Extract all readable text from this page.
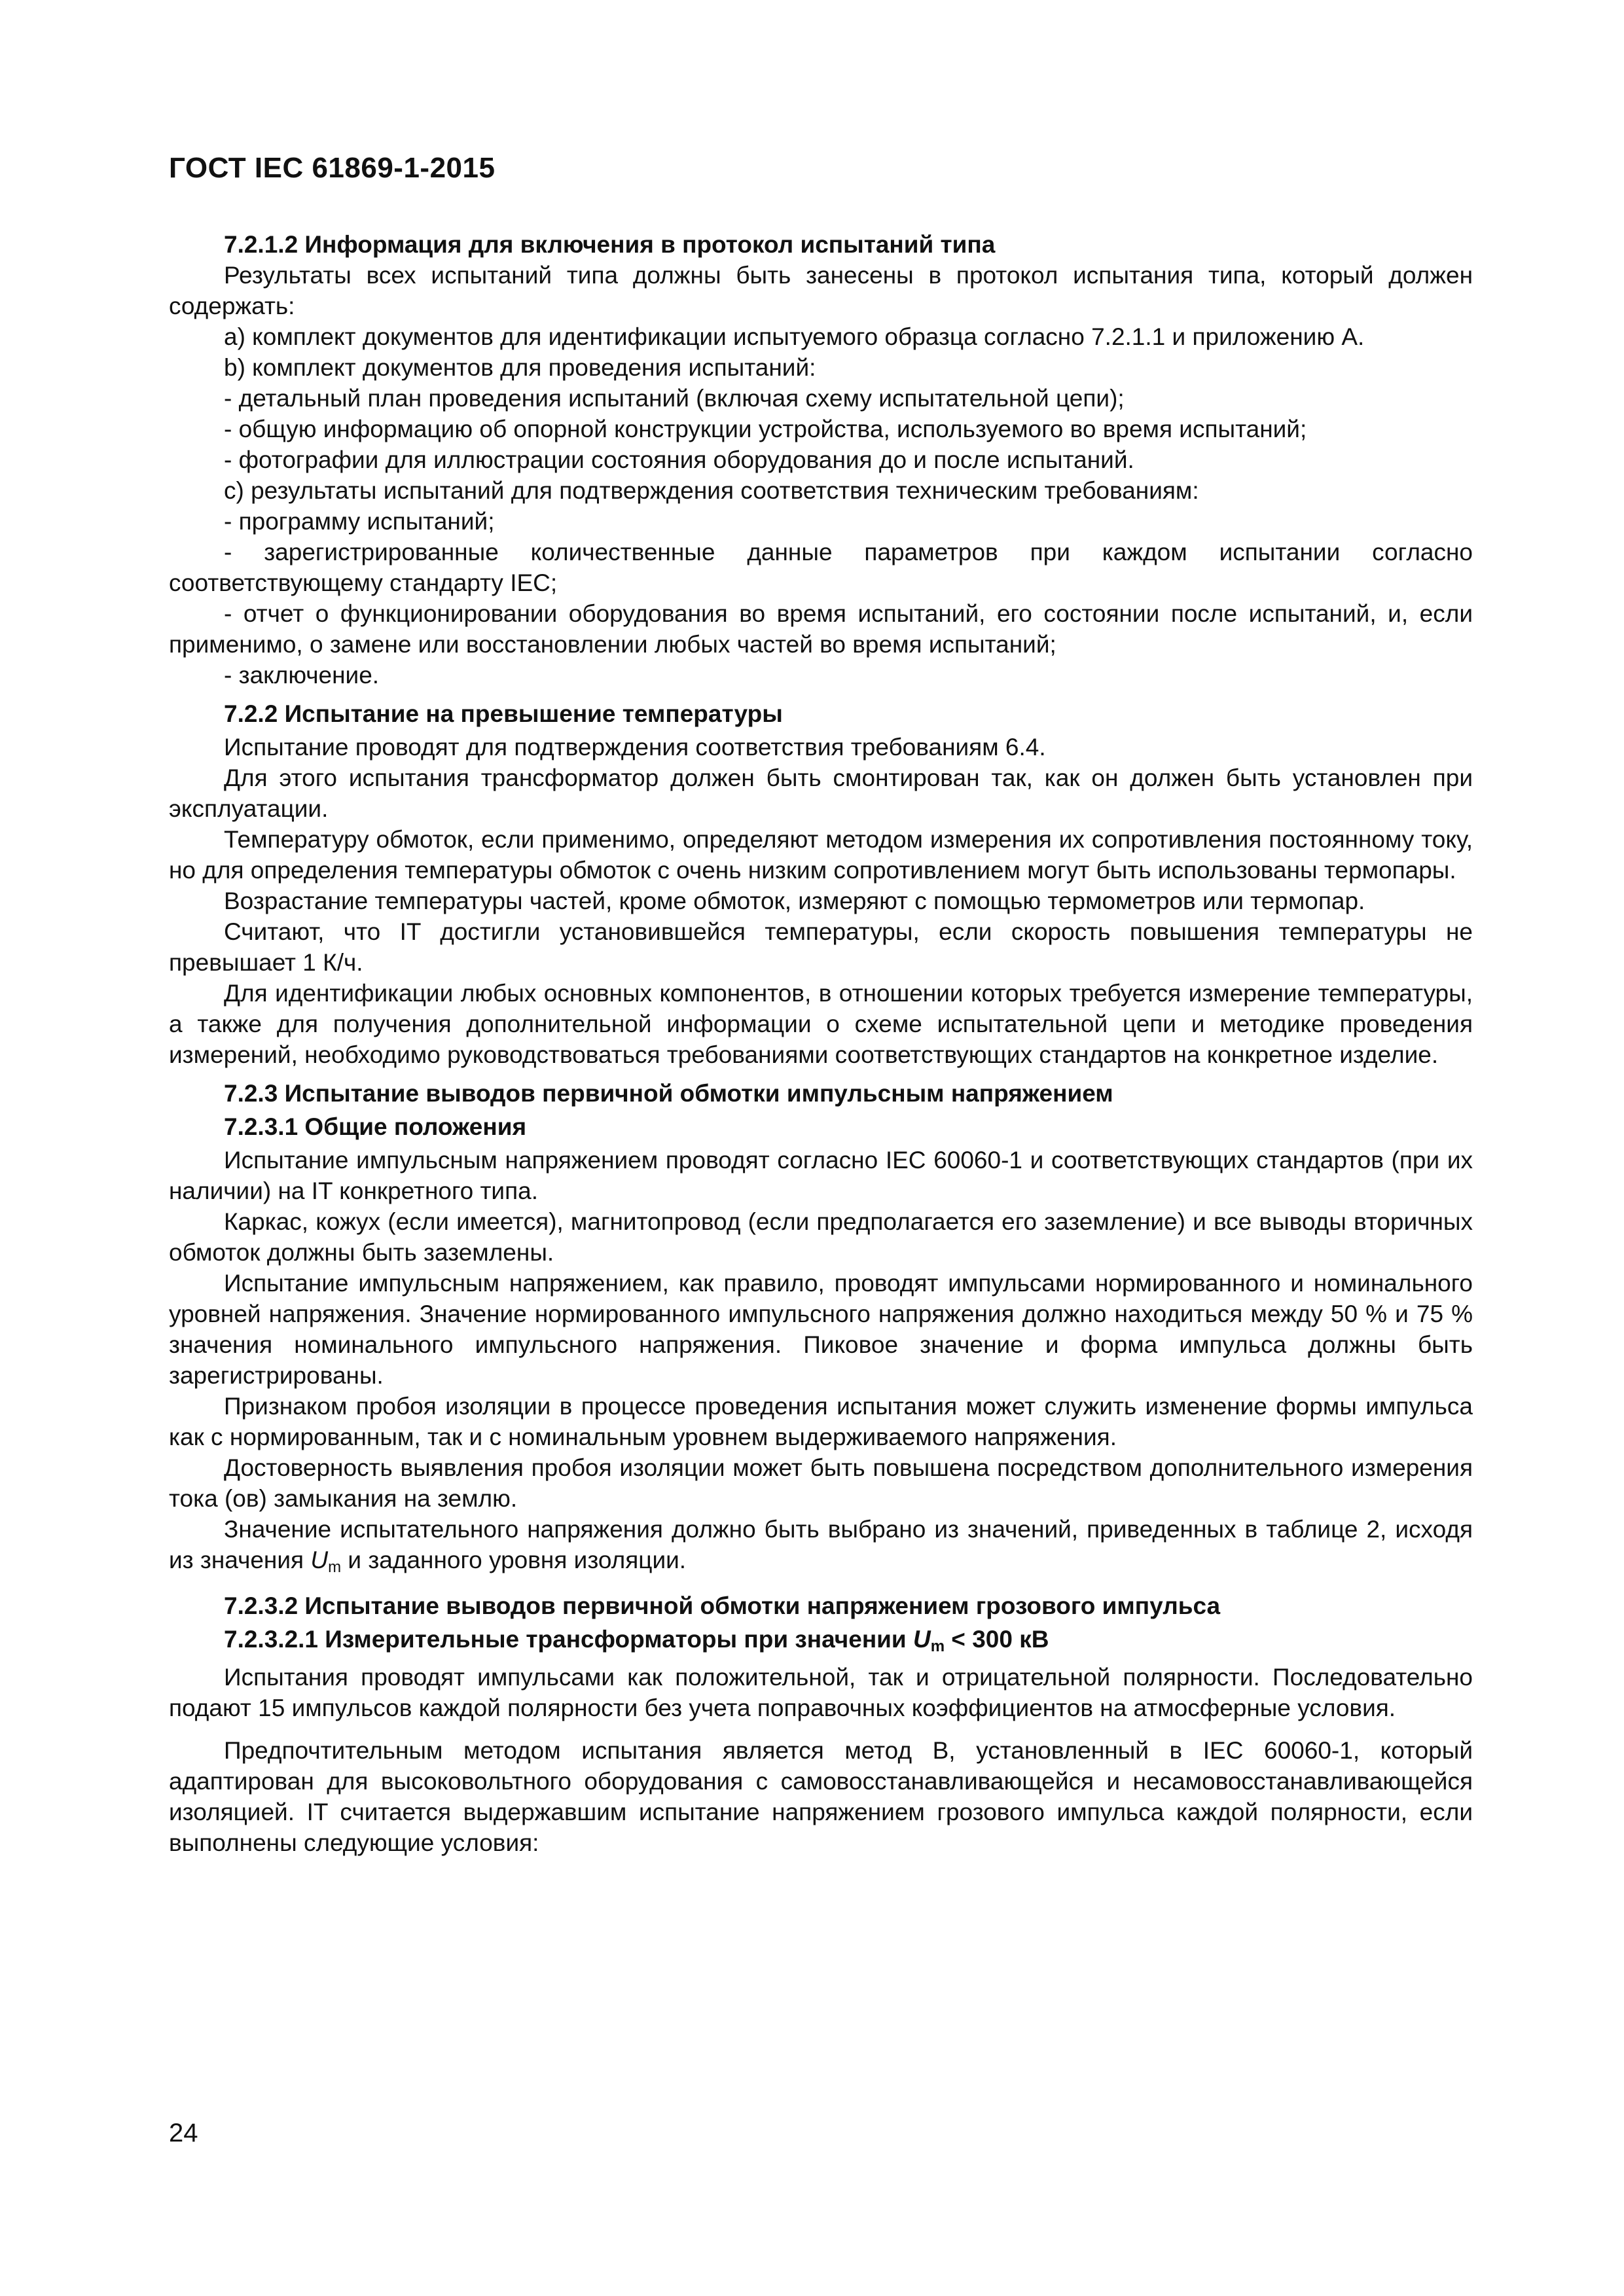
ГОСТ IEC 61869-1-2015
7.2.1.2 Информация для включения в протокол испытаний типа

Результаты всех испытаний типа должны быть занесены в протокол испытания типа, который должен содержать:

a) комплект документов для идентификации испытуемого образца согласно 7.2.1.1 и приложению А.

b) комплект документов для проведения испытаний:

- детальный план проведения испытаний (включая схему испытательной цепи);

- общую информацию об опорной конструкции устройства, используемого во время испытаний;

- фотографии для иллюстрации состояния оборудования до и после испытаний.

c) результаты испытаний для подтверждения соответствия техническим требованиям:

- программу испытаний;

- зарегистрированные количественные данные параметров при каждом испытании согласно соответствующему стандарту IEC;

- отчет о функционировании оборудования во время испытаний, его состоянии после испытаний, и, если применимо, о замене или восстановлении любых частей во время испытаний;

- заключение.

7.2.2 Испытание на превышение температуры

Испытание проводят для подтверждения соответствия требованиям 6.4.

Для этого испытания трансформатор должен быть смонтирован так, как он должен быть установлен при эксплуатации.

Температуру обмоток, если применимо, определяют методом измерения их сопротивления постоянному току, но для определения температуры обмоток с очень низким сопротивлением могут быть использованы термопары.

Возрастание температуры частей, кроме обмоток, измеряют с помощью термометров или термопар.

Считают, что IT достигли установившейся температуры, если скорость повышения температуры не превышает 1 К/ч.

Для идентификации любых основных компонентов, в отношении которых требуется измерение температуры, а также для получения дополнительной информации о схеме испытательной цепи и методике проведения измерений, необходимо руководствоваться требованиями соответствующих стандартов на конкретное изделие.

7.2.3 Испытание выводов первичной обмотки импульсным напряжением
7.2.3.1 Общие положения

Испытание импульсным напряжением проводят согласно IEC 60060-1 и соответствующих стандартов (при их наличии) на IT конкретного типа.

Каркас, кожух (если имеется), магнитопровод (если предполагается его заземление) и все выводы вторичных обмоток должны быть заземлены.

Испытание импульсным напряжением, как правило, проводят импульсами нормированного и номинального уровней напряжения. Значение нормированного импульсного напряжения должно находиться между 50 % и 75 % значения номинального импульсного напряжения. Пиковое значение и форма импульса должны быть зарегистрированы.

Признаком пробоя изоляции в процессе проведения испытания может служить изменение формы импульса как с нормированным, так и с номинальным уровнем выдерживаемого напряжения.

Достоверность выявления пробоя изоляции может быть повышена посредством дополнительного измерения тока (ов) замыкания на землю.

Значение испытательного напряжения должно быть выбрано из значений, приведенных в таблице 2, исходя из значения $U_m$ и заданного уровня изоляции.

7.2.3.2 Испытание выводов первичной обмотки напряжением грозового импульса
7.2.3.2.1 Измерительные трансформаторы при значении $U_m < 300$ кВ

Испытания проводят импульсами как положительной, так и отрицательной полярности. Последовательно подают 15 импульсов каждой полярности без учета поправочных коэффициентов на атмосферные условия.

Предпочтительным методом испытания является метод В, установленный в IEC 60060-1, который адаптирован для высоковольтного оборудования с самовосстанавливающейся и несамовосстанавливающейся изоляцией. IT считается выдержавшим испытание напряжением грозового импульса каждой полярности, если выполнены следующие условия:

24
